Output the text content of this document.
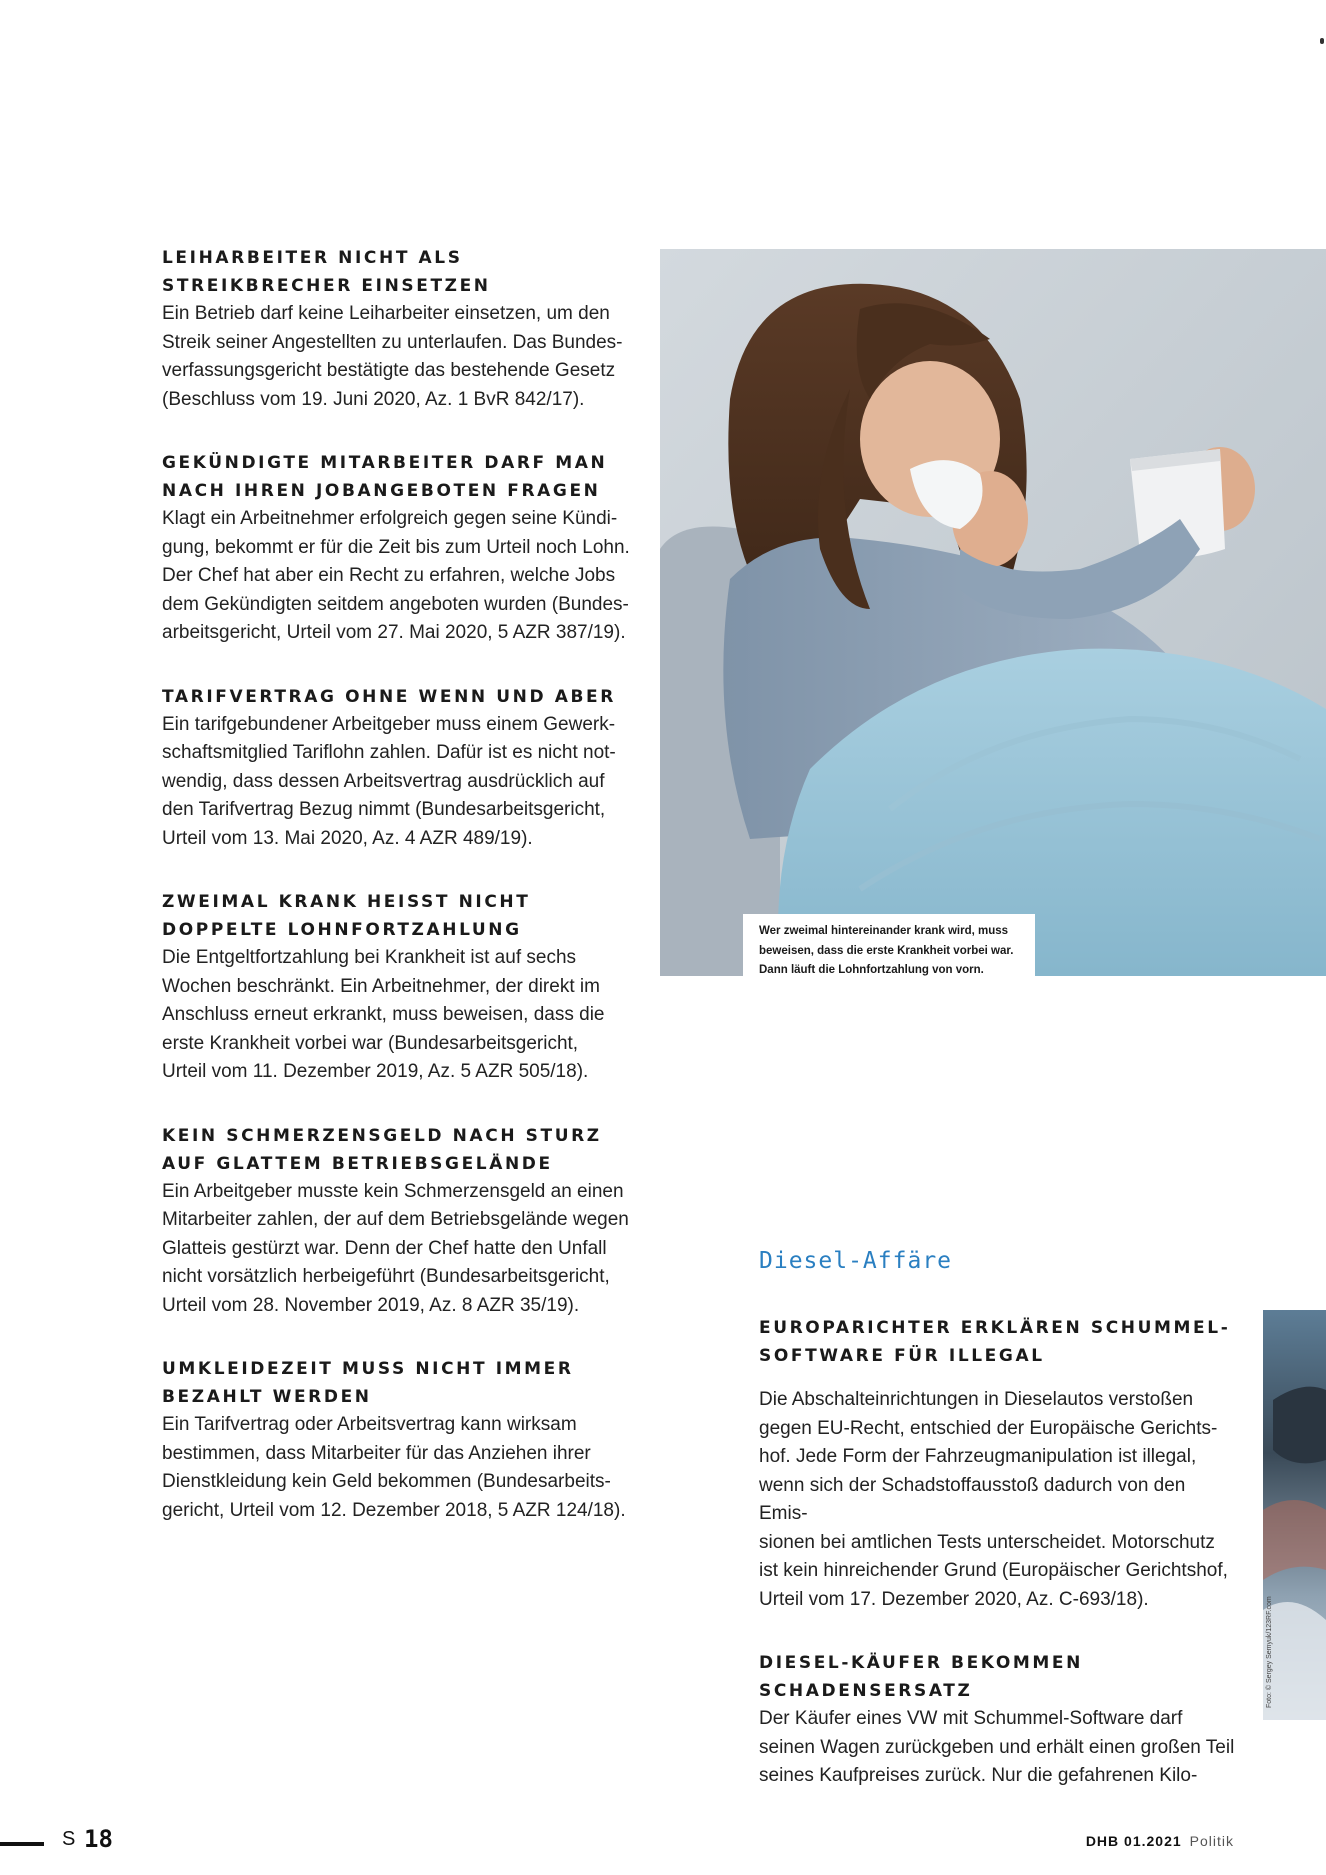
LEIHARBEITER NICHT ALS
STREIKBRECHER EINSETZEN
Ein Betrieb darf keine Leiharbeiter einsetzen, um den
Streik seiner Angestellten zu unterlaufen. Das Bundes-
verfassungsgericht bestätigte das bestehende Gesetz
(Beschluss vom 19. Juni 2020, Az. 1 BvR 842/17).
GEKÜNDIGTE MITARBEITER DARF MAN
NACH IHREN JOBANGEBOTEN FRAGEN
Klagt ein Arbeitnehmer erfolgreich gegen seine Kündi-
gung, bekommt er für die Zeit bis zum Urteil noch Lohn.
Der Chef hat aber ein Recht zu erfahren, welche Jobs
dem Gekündigten seitdem angeboten wurden (Bundes-
arbeitsgericht, Urteil vom 27. Mai 2020, 5 AZR 387/19).
TARIFVERTRAG OHNE WENN UND ABER
Ein tarifgebundener Arbeitgeber muss einem Gewerk-
schaftsmitglied Tariflohn zahlen. Dafür ist es nicht not-
wendig, dass dessen Arbeitsvertrag ausdrücklich auf
den Tarifvertrag Bezug nimmt (Bundesarbeitsgericht,
Urteil vom 13. Mai 2020, Az. 4 AZR 489/19).
ZWEIMAL KRANK HEISST NICHT
DOPPELTE LOHNFORTZAHLUNG
Die Entgeltfortzahlung bei Krankheit ist auf sechs
Wochen beschränkt. Ein Arbeitnehmer, der direkt im
Anschluss erneut erkrankt, muss beweisen, dass die
erste Krankheit vorbei war (Bundesarbeitsgericht,
Urteil vom 11. Dezember 2019, Az. 5 AZR 505/18).
KEIN SCHMERZENSGELD NACH STURZ
AUF GLATTEM BETRIEBSGELÄNDE
Ein Arbeitgeber musste kein Schmerzensgeld an einen
Mitarbeiter zahlen, der auf dem Betriebsgelände wegen
Glatteis gestürzt war. Denn der Chef hatte den Unfall
nicht vorsätzlich herbeigeführt (Bundesarbeitsgericht,
Urteil vom 28. November 2019, Az. 8 AZR 35/19).
UMKLEIDEZEIT MUSS NICHT IMMER
BEZAHLT WERDEN
Ein Tarifvertrag oder Arbeitsvertrag kann wirksam
bestimmen, dass Mitarbeiter für das Anziehen ihrer
Dienstkleidung kein Geld bekommen (Bundesarbeits-
gericht, Urteil vom 12. Dezember 2018, 5 AZR 124/18).
Wer zweimal hintereinander krank wird, muss
beweisen, dass die erste Krankheit vorbei war.
Dann läuft die Lohnfortzahlung von vorn.
Diesel-Affäre
EUROPARICHTER ERKLÄREN SCHUMMEL-
SOFTWARE FÜR ILLEGAL
Die Abschalteinrichtungen in Dieselautos verstoßen
gegen EU-Recht, entschied der Europäische Gerichts-
hof. Jede Form der Fahrzeugmanipulation ist illegal,
wenn sich der Schadstoffausstoß dadurch von den Emis-
sionen bei amtlichen Tests unterscheidet. Motorschutz
ist kein hinreichender Grund (Europäischer Gerichtshof,
Urteil vom 17. Dezember 2020, Az. C-693/18).
DIESEL-KÄUFER BEKOMMEN SCHADENSERSATZ
Der Käufer eines VW mit Schummel-Software darf
seinen Wagen zurückgeben und erhält einen großen Teil
seines Kaufpreises zurück. Nur die gefahrenen Kilo-
Foto: © Sergey Semyuk/123RF.com
S 18	DHB 01.2021 Politik
